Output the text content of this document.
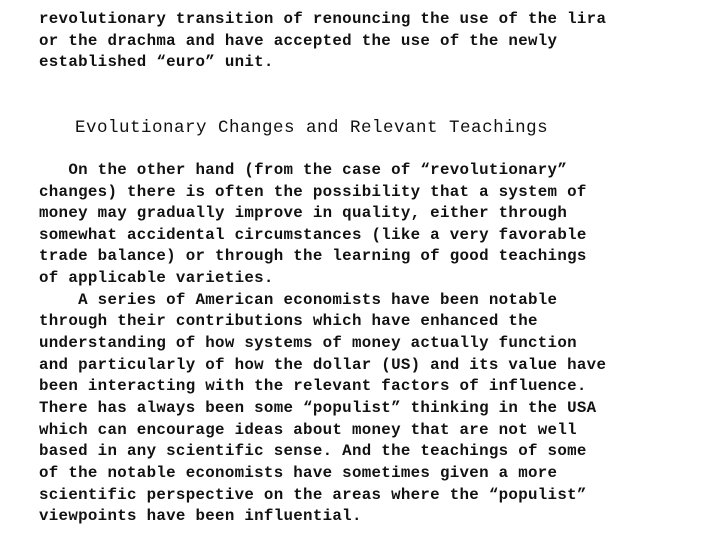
revolutionary transition of renouncing the use of the lira
or the drachma and have accepted the use of the newly
established “euro” unit.
Evolutionary Changes and Relevant Teachings
On the other hand (from the case of “revolutionary”
changes) there is often the possibility that a system of
money may gradually improve in quality, either through
somewhat accidental circumstances (like a very favorable
trade balance) or through the learning of good teachings
of applicable varieties.
A series of American economists have been notable
through their contributions which have enhanced the
understanding of how systems of money actually function
and particularly of how the dollar (US) and its value have
been interacting with the relevant factors of influence.
There has always been some “populist” thinking in the USA
which can encourage ideas about money that are not well
based in any scientific sense. And the teachings of some
of the notable economists have sometimes given a more
scientific perspective on the areas where the “populist”
viewpoints have been influential.
